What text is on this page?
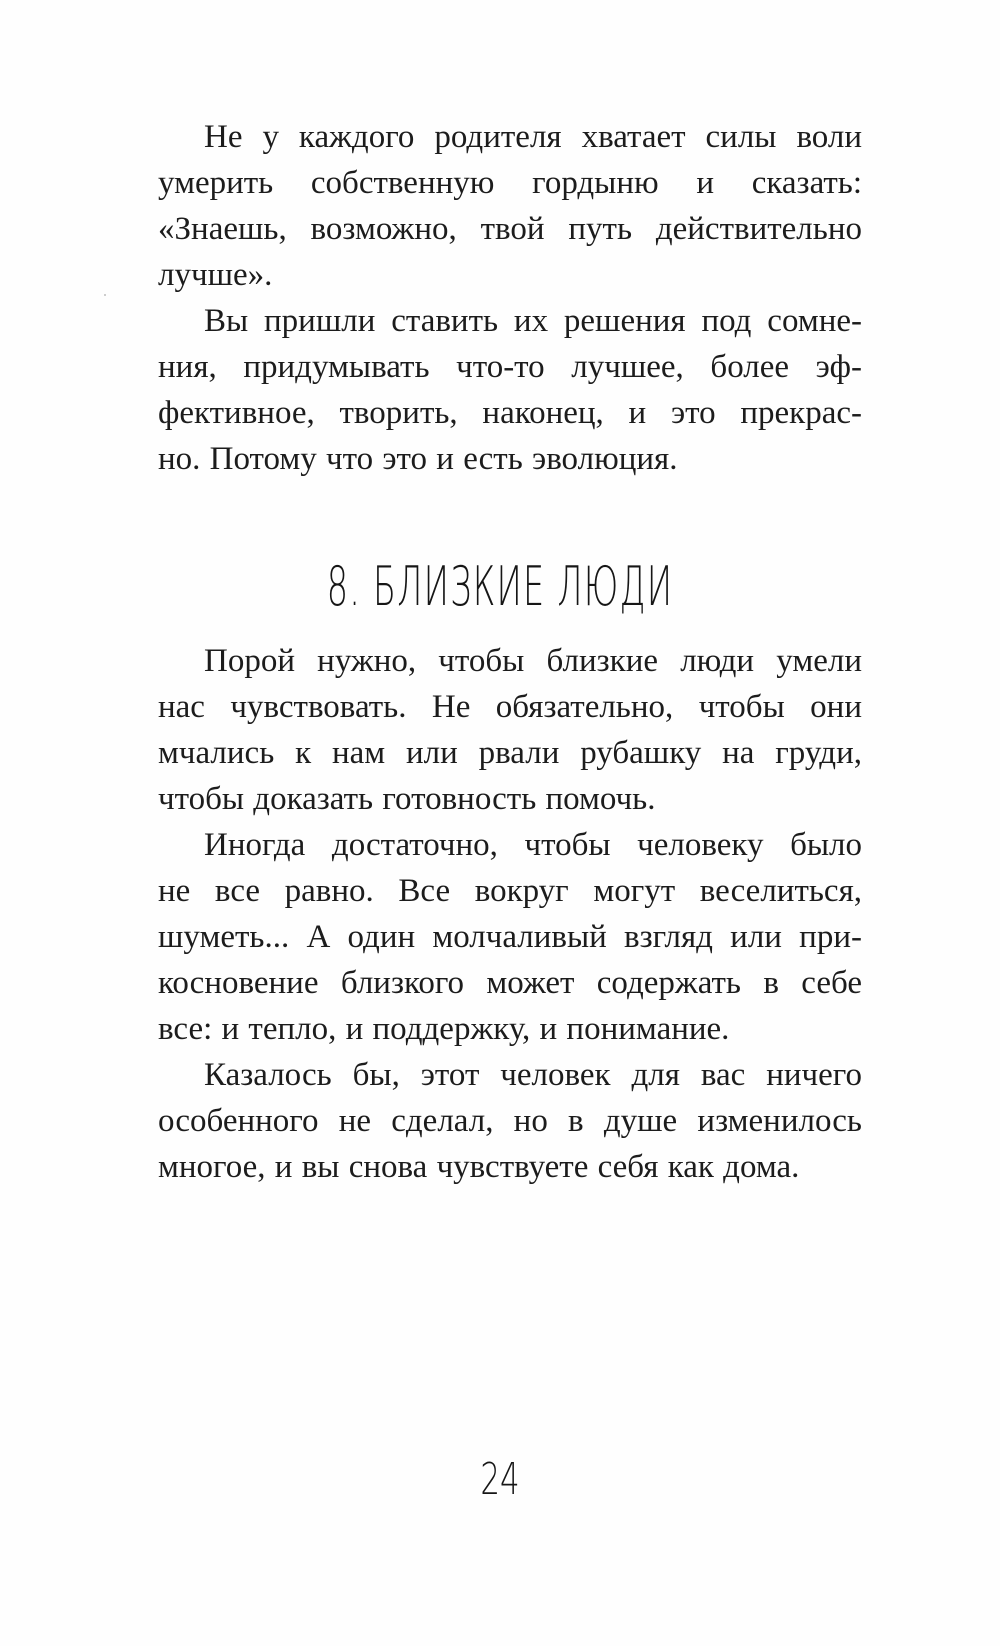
Не у каждого родителя хватает силы воли
умерить собственную гордыню и сказать:
«Знаешь, возможно, твой путь действительно
лучше».
Вы пришли ставить их решения под сомне-
ния, придумывать что-то лучшее, более эф-
фективное, творить, наконец, и это прекрас-
но. Потому что это и есть эволюция.
8. БЛИЗКИЕ ЛЮДИ
Порой нужно, чтобы близкие люди умели
нас чувствовать. Не обязательно, чтобы они
мчались к нам или рвали рубашку на груди,
чтобы доказать готовность помочь.
Иногда достаточно, чтобы человеку было
не все равно. Все вокруг могут веселиться,
шуметь... А один молчаливый взгляд или при-
косновение близкого может содержать в себе
все: и тепло, и поддержку, и понимание.
Казалось бы, этот человек для вас ничего
особенного не сделал, но в душе изменилось
многое, и вы снова чувствуете себя как дома.
24
